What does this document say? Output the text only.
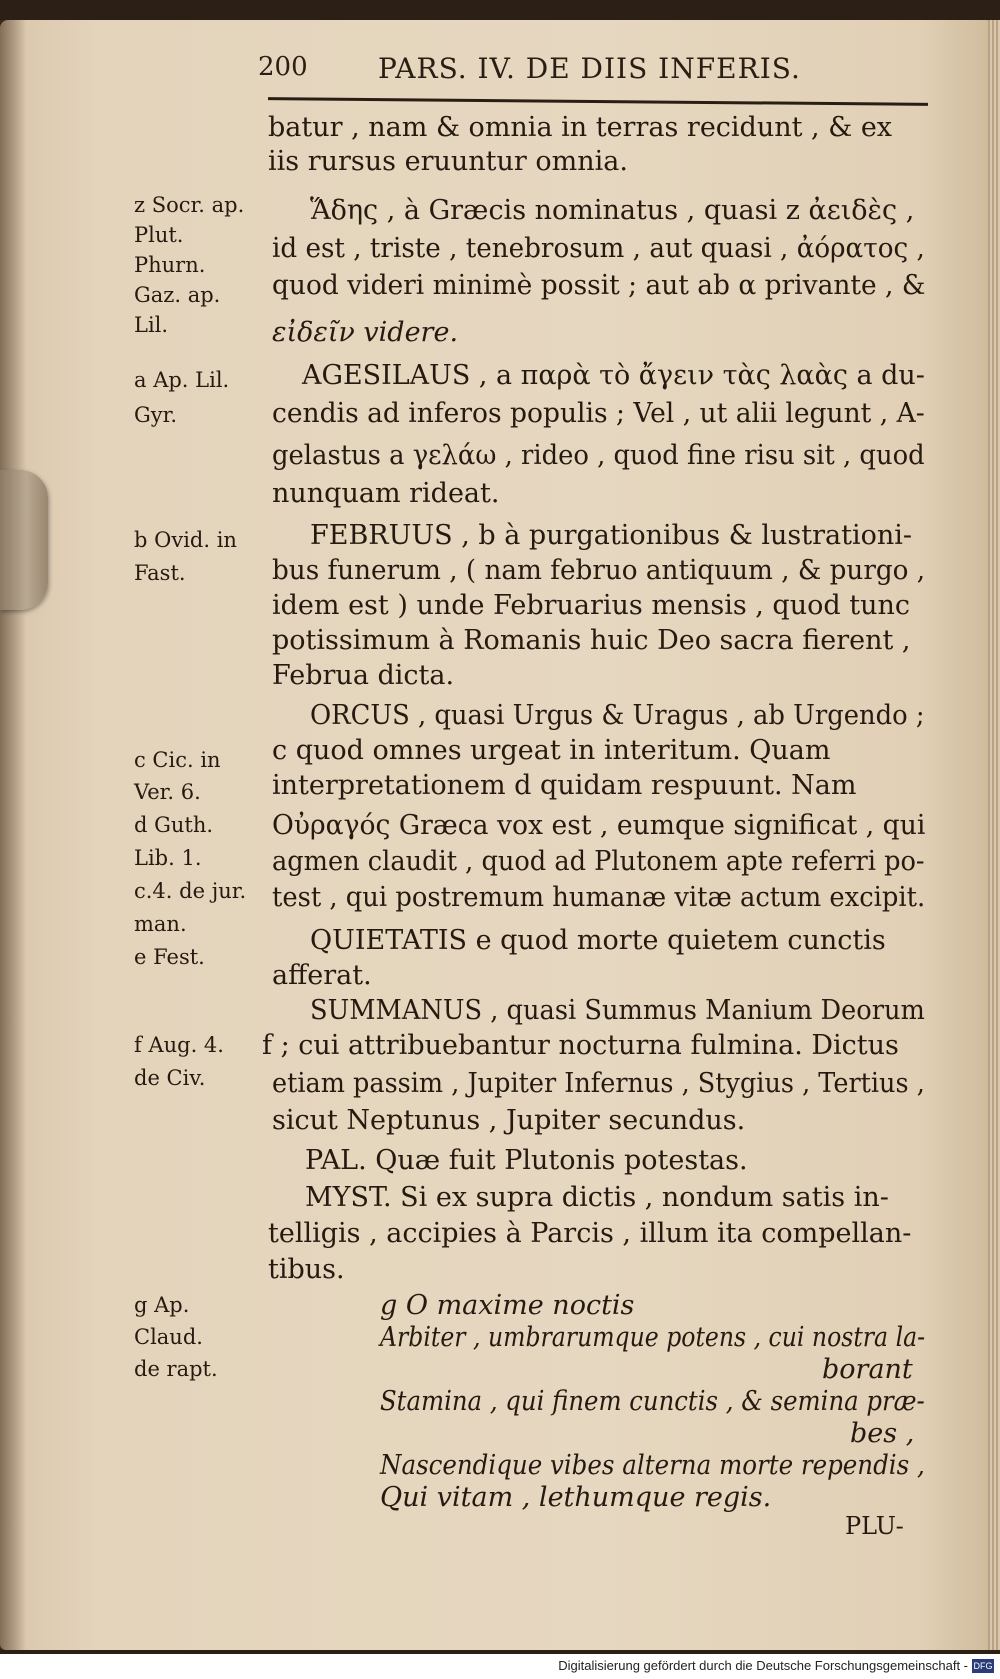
200	PARS. IV. DE DIIS INFERIS.
z Socr. ap.
Plut.
Phurn.
Gaz. ap.
Lil.
a Ap. Lil.
Gyr.
b Ovid. in
Fast.
c Cic. in
Ver. 6.
d Guth.
Lib. 1.
c.4. de jur.
man.
e Fest.
f Aug. 4.
de Civ.
g Ap.
Claud.
de rapt.
batur , nam & omnia in terras recidunt , & ex
iis rursus eruuntur omnia.
Ἅδης , à Græcis nominatus , quasi z ἀειδὲς ,
id est , triste , tenebrosum , aut quasi , ἀόρατος ,
quod videri minimè possit ; aut ab α privante , &
εἰδεῖν videre.
AGESILAUS , a παρὰ τὸ ἄγειν τὰς λαὰς a du-
cendis ad inferos populis ; Vel , ut alii legunt , A-
gelastus a γελάω , rideo , quod fine risu sit , quod
nunquam rideat.
FEBRUUS , b à purgationibus & lustrationi-
bus funerum , ( nam februo antiquum , & purgo ,
idem est ) unde Februarius mensis , quod tunc
potissimum à Romanis huic Deo sacra fierent ,
Februa dicta.
ORCUS , quasi Urgus & Uragus , ab Urgendo ;
c quod omnes urgeat in interitum. Quam
interpretationem d quidam respuunt. Nam
Οὐραγός Græca vox est , eumque significat , qui
agmen claudit , quod ad Plutonem apte referri po-
test , qui postremum humanæ vitæ actum excipit.
QUIETATIS e quod morte quietem cunctis
afferat.
SUMMANUS , quasi Summus Manium Deorum
f ; cui attribuebantur nocturna fulmina. Dictus
etiam passim , Jupiter Infernus , Stygius , Tertius ,
sicut Neptunus , Jupiter secundus.
PAL. Quæ fuit Plutonis potestas.
MYST. Si ex supra dictis , nondum satis in-
telligis , accipies à Parcis , illum ita compellan-
tibus.
g O maxime noctis
Arbiter , umbrarumque potens , cui nostra la-
borant
Stamina , qui finem cunctis , & semina præ-
bes ,
Nascendique vibes alterna morte rependis ,
Qui vitam , lethumque regis.
PLU-
Digitalisierung gefördert durch die Deutsche Forschungsgemeinschaft - DFG
